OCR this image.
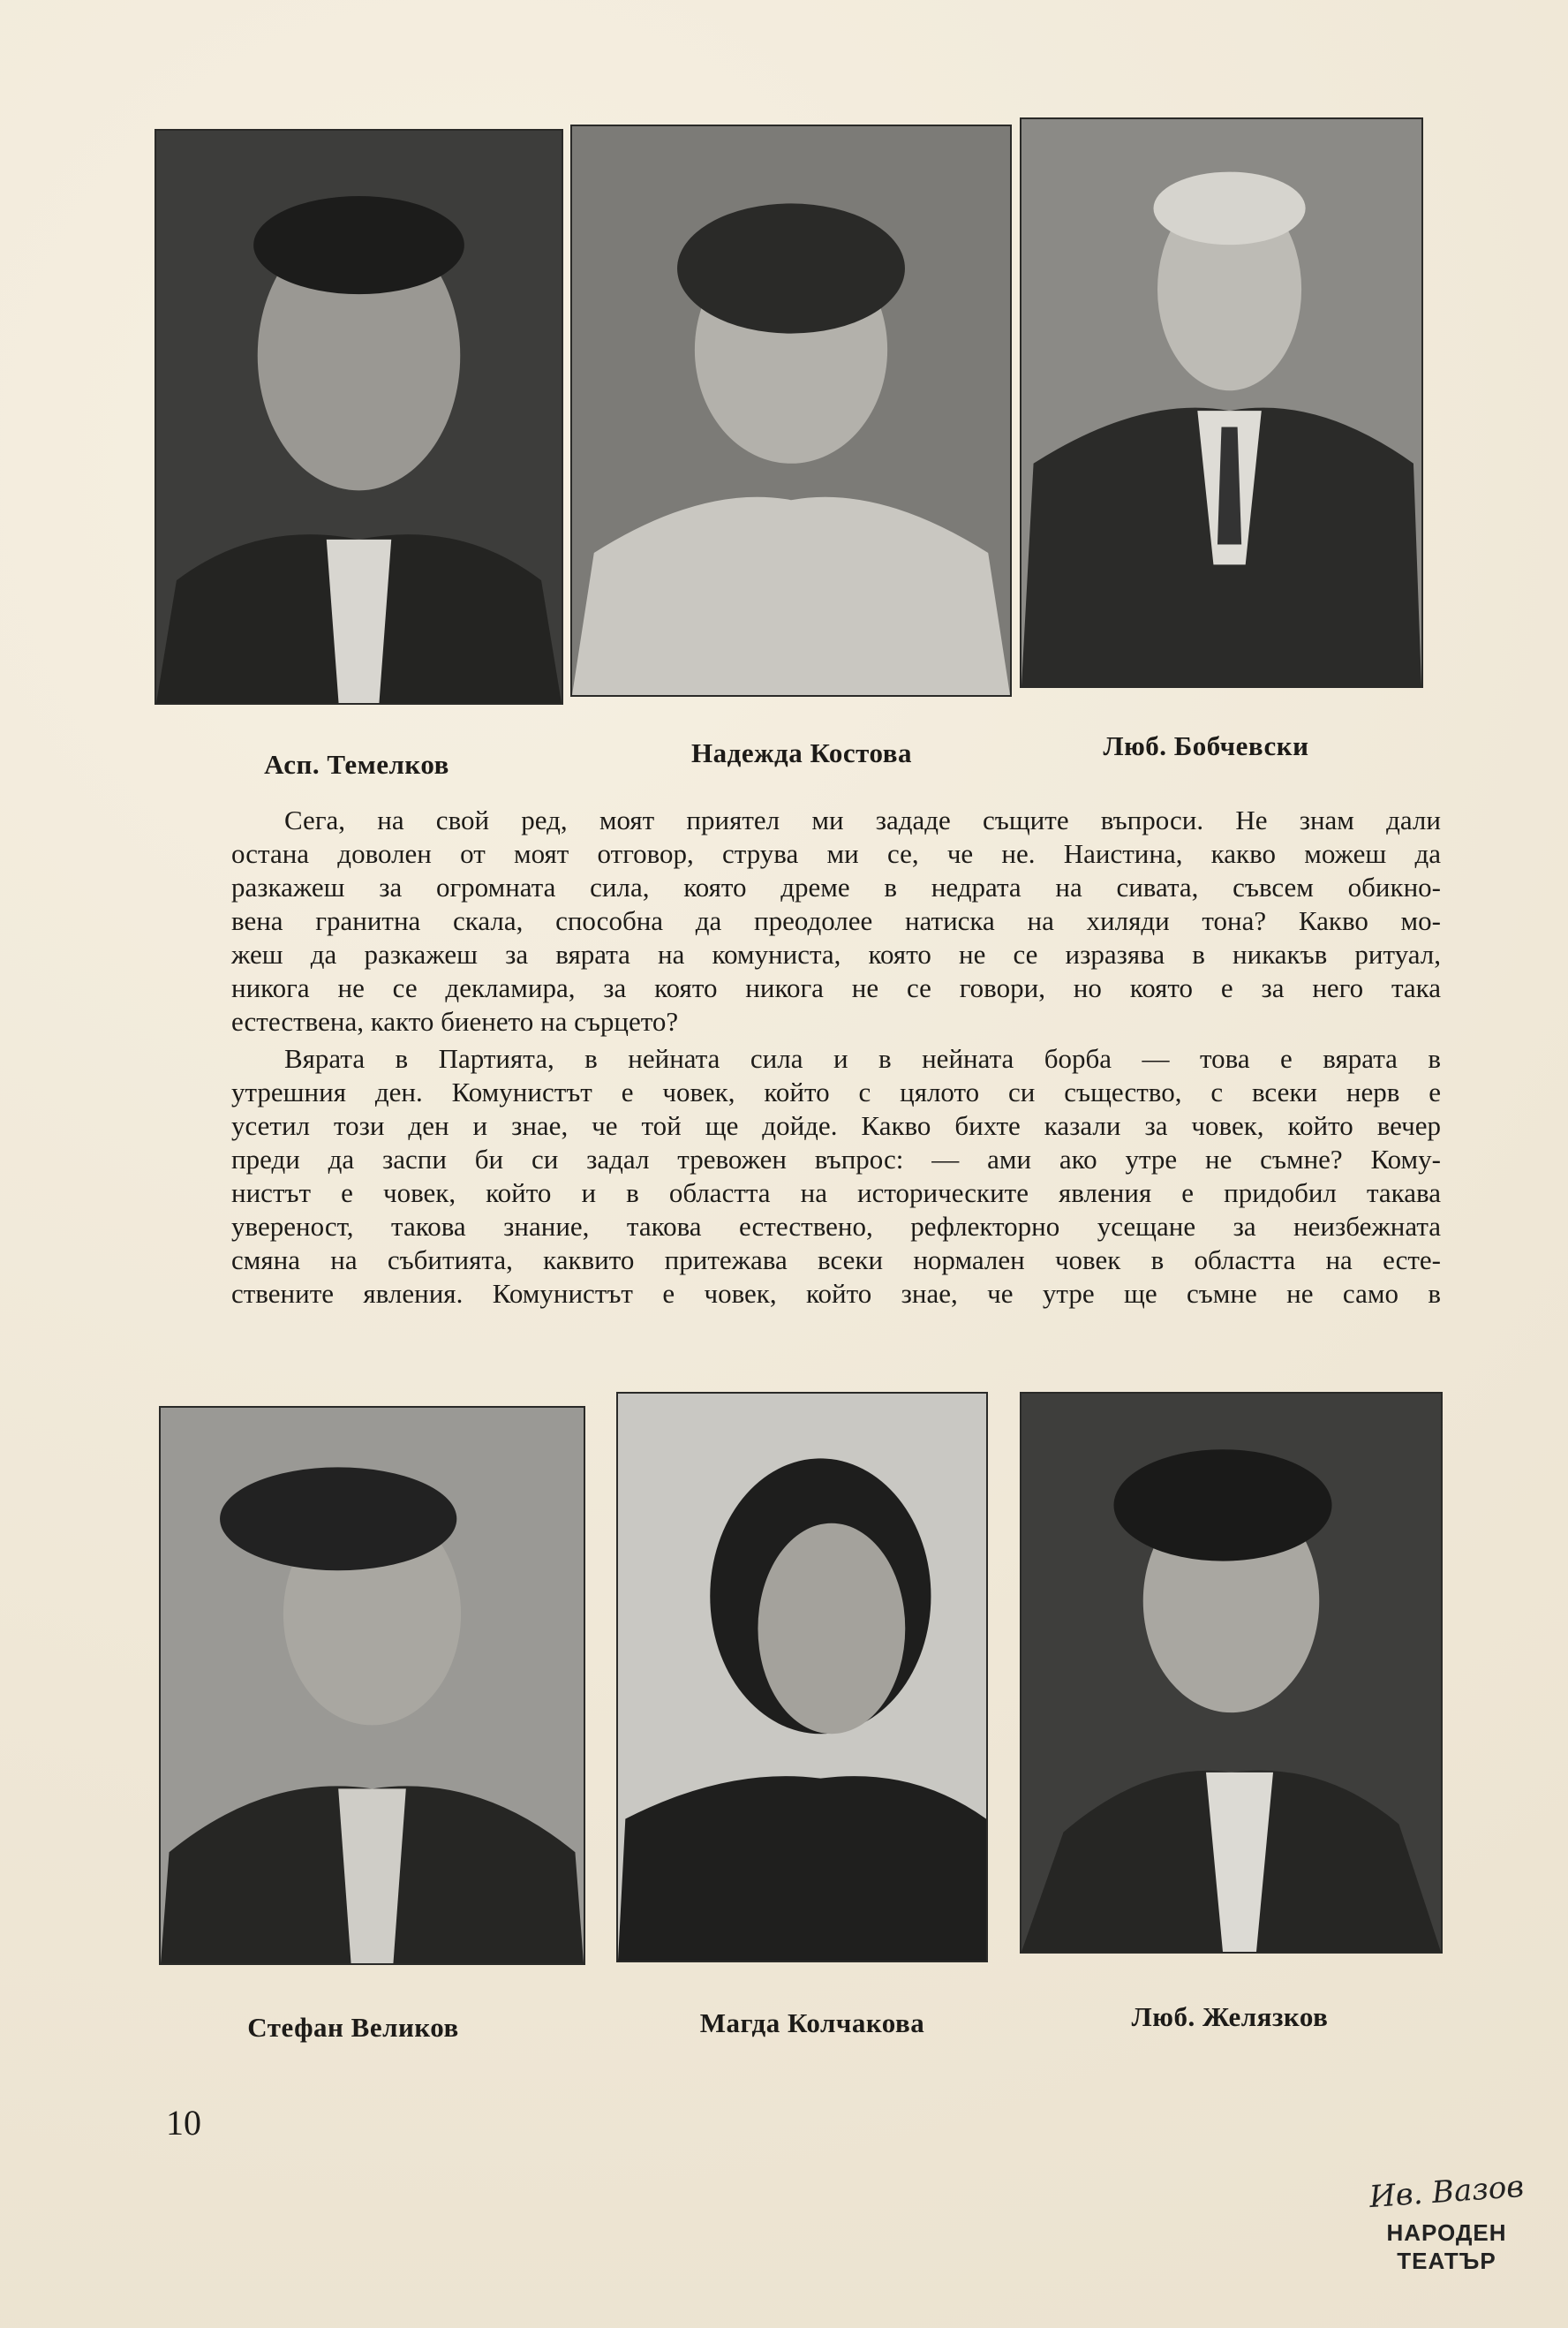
Асп. Темелков	Надежда Костова	Люб. Бобчевски
Сега, на свой ред, моят приятел ми зададе същите въпроси. Не знам дали
остана доволен от моят отговор, струва ми се, че не. Наистина, какво можеш да
разкажеш за огромната сила, която дреме в недрата на сивата, съвсем обикно-
вена гранитна скала, способна да преодолее натиска на хиляди тона? Какво мо-
жеш да разкажеш за вярата на комуниста, която не се изразява в никакъв ритуал,
никога не се декламира, за която никога не се говори, но която е за него така
естествена, както биенето на сърцето?
Вярата в Партията, в нейната сила и в нейната борба — това е вярата в
утрешния ден. Комунистът е човек, който с цялото си същество, с всеки нерв е
усетил този ден и знае, че той ще дойде. Какво бихте казали за човек, който вечер
преди да заспи би си задал тревожен въпрос: — ами ако утре не съмне? Кому-
нистът е човек, който и в областта на историческите явления е придобил такава
увереност, такова знание, такова естествено, рефлекторно усещане за неизбежната
смяна на събитията, каквито притежава всеки нормален човек в областта на есте-
ствените явления. Комунистът е човек, който знае, че утре ще съмне не само в
Стефан Великов	Магда Колчакова	Люб. Желязков
10
Ив. Вазов
НАРОДЕН
ТЕАТЪР
